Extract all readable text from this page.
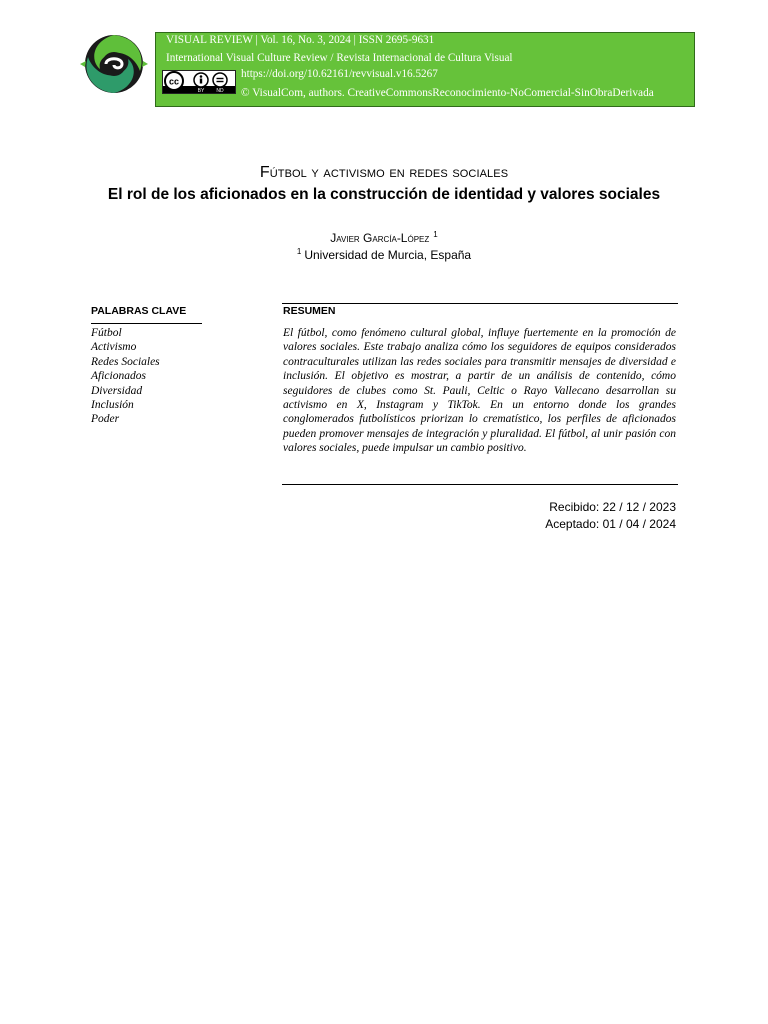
VISUAL REVIEW | Vol. 16, No. 3, 2024 | ISSN 2695-9631
International Visual Culture Review / Revista Internacional de Cultura Visual
cc
BY ND
https://doi.org/10.62161/revvisual.v16.5267
© VisualCom, authors. CreativeCommonsReconocimiento-NoComercial-SinObraDerivada
Fútbol y activismo en redes sociales
El rol de los aficionados en la construcción de identidad y valores sociales
Javier García-López $^1$
$^1$ Universidad de Murcia, España
PALABRAS CLAVE	RESUMEN
Fútbol
Activismo
Redes Sociales
Aficionados
Diversidad
Inclusión
Poder

El fútbol, como fenómeno cultural global, influye fuertemente en la promoción de valores sociales. Este trabajo analiza cómo los seguidores de equipos considerados contraculturales utilizan las redes sociales para transmitir mensajes de diversidad e inclusión. El objetivo es mostrar, a partir de un análisis de contenido, cómo seguidores de clubes como St. Pauli, Celtic o Rayo Vallecano desarrollan su activismo en X, Instagram y TikTok. En un entorno donde los grandes conglomerados futbolísticos priorizan lo crematístico, los perfiles de aficionados pueden promover mensajes de integración y pluralidad. El fútbol, al unir pasión con valores sociales, puede impulsar un cambio positivo.

Recibido: 22 / 12 / 2023
Aceptado: 01 / 04 / 2024
